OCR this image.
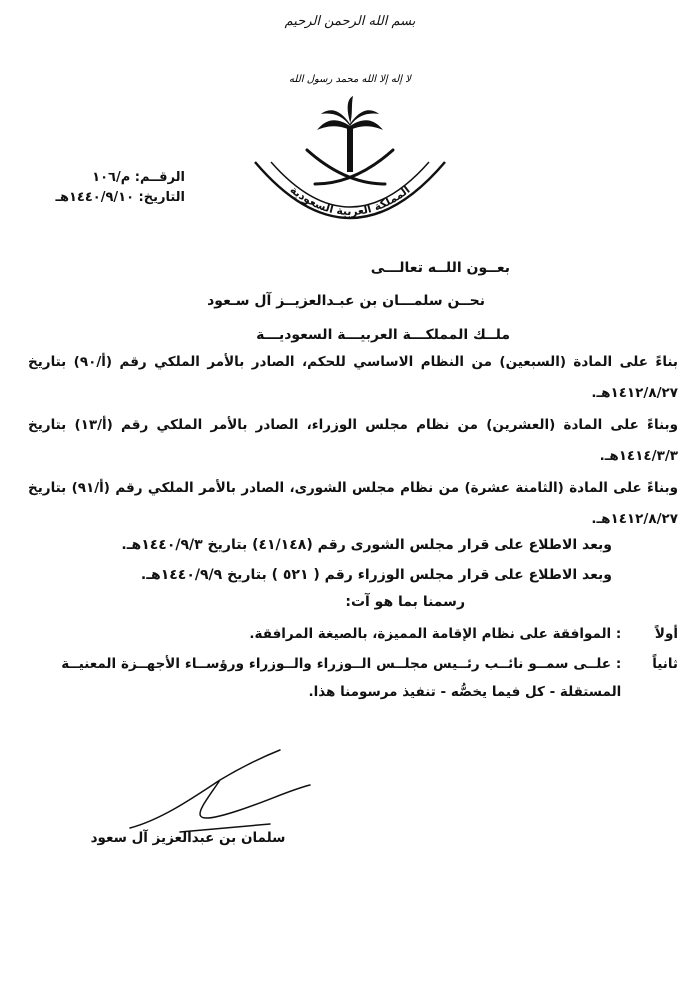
بسم الله الرحمن الرحيم
لا إله إلا الله محمد رسول الله
المملكة العربية السعودية
الرقــم: م/١٠٦
التاريخ: ١٤٤٠/٩/١٠هـ
بعــون اللــه تعالـــى
نحــن سلمـــان بن عبـدالعزيــز آل سـعود
ملــك المملكـــة العربيـــة السعوديـــة
بناءً على المادة (السبعين) من النظام الاساسي للحكم، الصادر بالأمر الملكي رقم (أ/٩٠) بتاريخ ١٤١٢/٨/٢٧هـ.
وبناءً على المادة (العشرين) من نظام مجلس الوزراء، الصادر بالأمر الملكي رقم (أ/١٣) بتاريخ ١٤١٤/٣/٣هـ.
وبناءً على المادة (الثامنة عشرة) من نظام مجلس الشورى، الصادر بالأمر الملكي رقم (أ/٩١) بتاريخ ١٤١٢/٨/٢٧هـ.
وبعد الاطلاع على قرار مجلس الشورى رقم (٤١/١٤٨) بتاريخ ١٤٤٠/٩/٣هـ.
وبعد الاطلاع على قرار مجلس الوزراء رقم ( ٥٢١ ) بتاريخ ١٤٤٠/٩/٩هـ.
رسمنا بما هو آت:
أولاً : الموافقة على نظام الإقامة المميزة، بالصيغة المرافقة.
ثانياً : علــى سمــو نائــب رئــيس مجلــس الــوزراء والــوزراء ورؤســاء الأجهــزة المعنيــة المستقلة - كل فيما يخصُّه - تنفيذ مرسومنا هذا.
سلمان بن عبدالعزيز آل سعود
